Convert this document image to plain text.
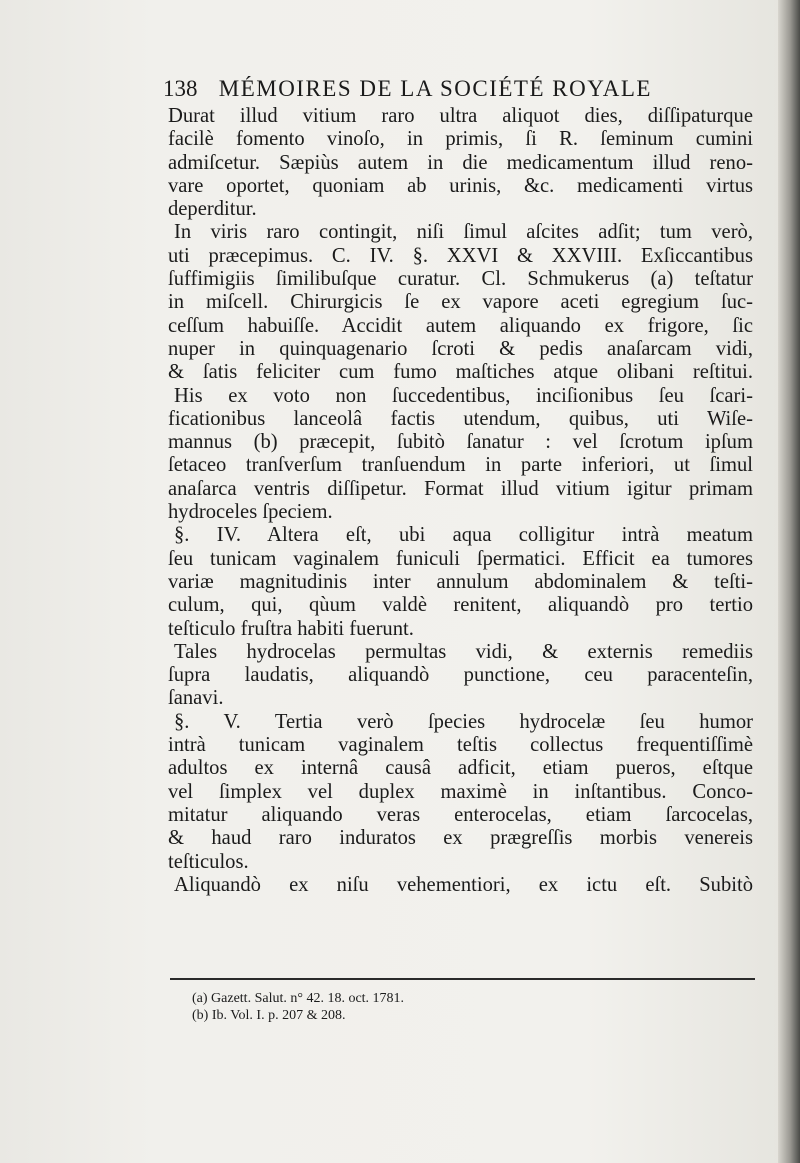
138 MÉMOIRES DE LA SOCIÉTÉ ROYALE
Durat illud vitium raro ultra aliquot dies, diſſipaturque
facilè fomento vinoſo, in primis, ſi R. ſeminum cumini
admiſcetur. Sæpiùs autem in die medicamentum illud reno-
vare oportet, quoniam ab urinis, &c. medicamenti virtus
deperditur.
In viris raro contingit, niſi ſimul aſcites adſit; tum verò,
uti præcepimus. C. IV. §. XXVI & XXVIII. Exſiccantibus
ſuffimigiis ſimilibuſque curatur. Cl. Schmukerus (a) teſtatur
in miſcell. Chirurgicis ſe ex vapore aceti egregium ſuc-
ceſſum habuiſſe. Accidit autem aliquando ex frigore, ſic
nuper in quinquagenario ſcroti & pedis anaſarcam vidi,
& ſatis feliciter cum fumo maſtiches atque olibani reſtitui.
His ex voto non ſuccedentibus, inciſionibus ſeu ſcari-
ficationibus lanceolâ factis utendum, quibus, uti Wiſe-
mannus (b) præcepit, ſubitò ſanatur : vel ſcrotum ipſum
ſetaceo tranſverſum tranſuendum in parte inferiori, ut ſimul
anaſarca ventris diſſipetur. Format illud vitium igitur primam
hydroceles ſpeciem.
§. IV. Altera eſt, ubi aqua colligitur intrà meatum
ſeu tunicam vaginalem funiculi ſpermatici. Efficit ea tumores
variæ magnitudinis inter annulum abdominalem & teſti-
culum, qui, qùum valdè renitent, aliquandò pro tertio
teſticulo fruſtra habiti fuerunt.
Tales hydrocelas permultas vidi, & externis remediis
ſupra laudatis, aliquandò punctione, ceu paracenteſin,
ſanavi.
§. V. Tertia verò ſpecies hydrocelæ ſeu humor
intrà tunicam vaginalem teſtis collectus frequentiſſimè
adultos ex internâ causâ adficit, etiam pueros, eſtque
vel ſimplex vel duplex maximè in inſtantibus. Conco-
mitatur aliquando veras enterocelas, etiam ſarcocelas,
& haud raro induratos ex prægreſſis morbis venereis
teſticulos.
Aliquandò ex niſu vehementiori, ex ictu eſt. Subitò
(a) Gazett. Salut. n° 42. 18. oct. 1781.
(b) Ib. Vol. I. p. 207 & 208.
